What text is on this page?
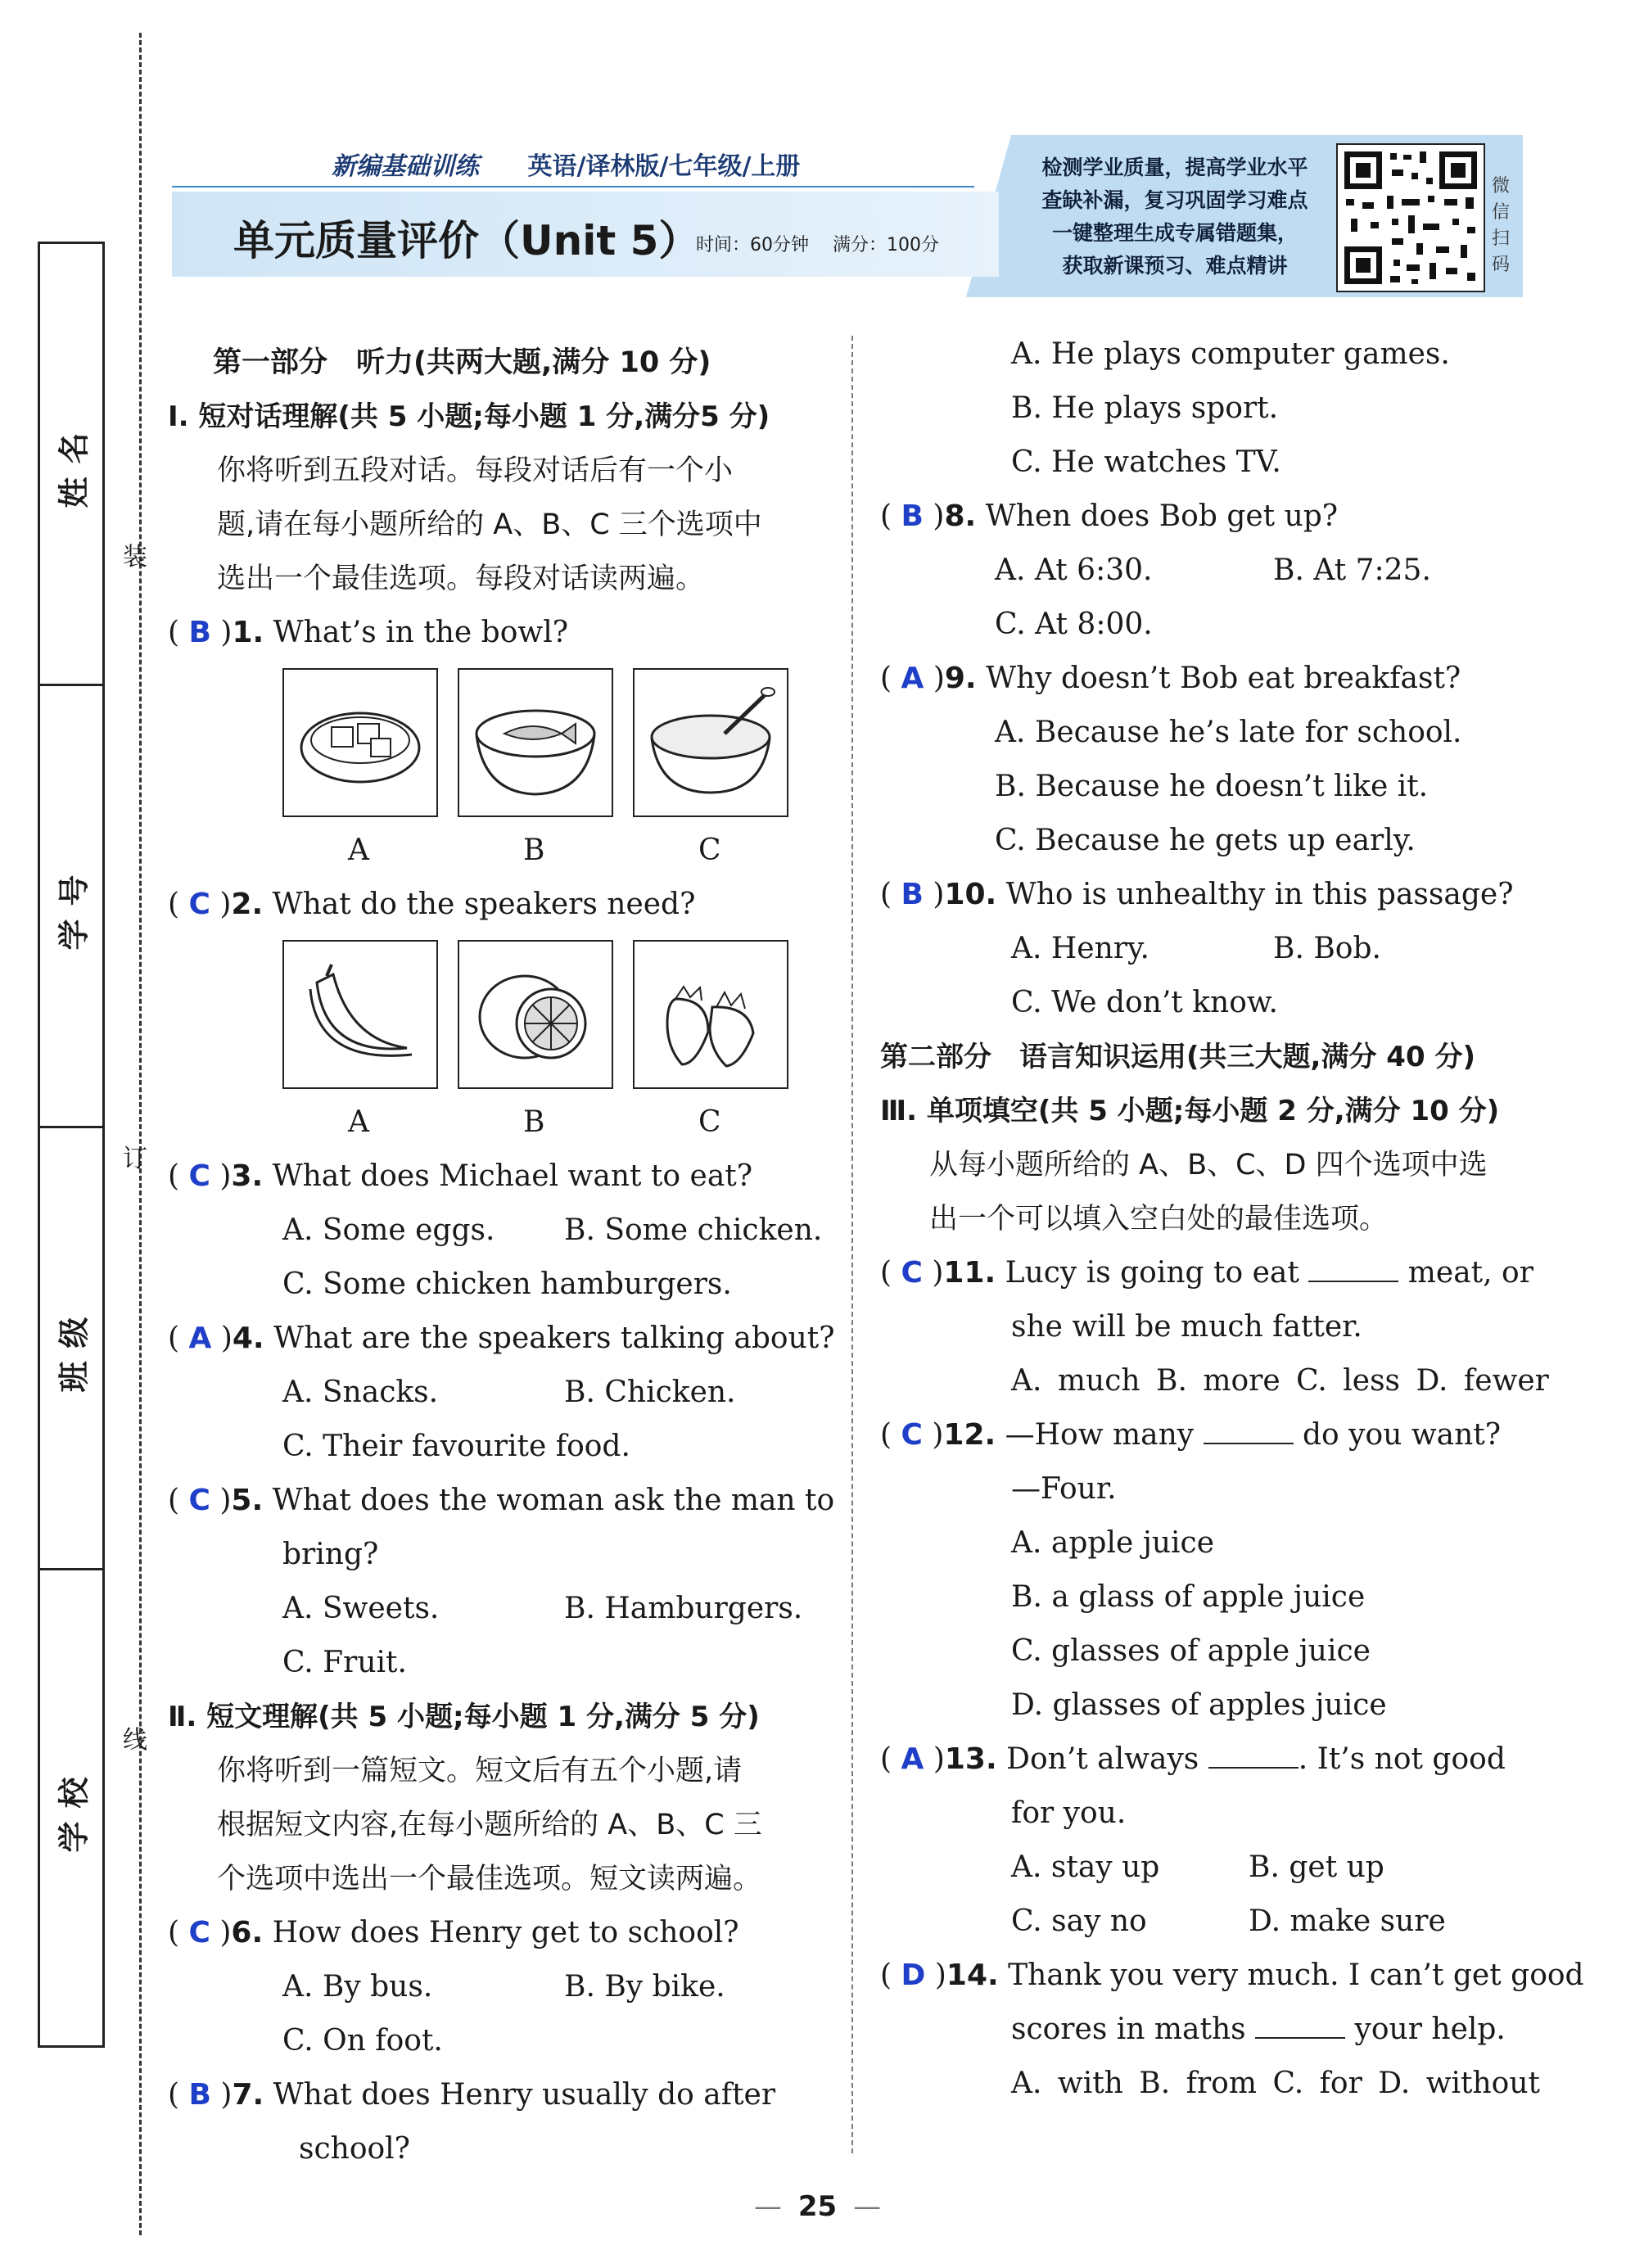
姓名
学号
班级
学校
装
订
线
新编基础训练 英语/译林版/七年级/上册
单元质量评价（Unit 5）
时间：60分钟 满分：100分
检测学业质量，提高学业水平
查缺补漏，复习巩固学习难点
一键整理生成专属错题集，
获取新课预习、难点精讲
微信扫码
第一部分　听力(共两大题,满分 10 分)
Ⅰ. 短对话理解(共 5 小题;每小题 1 分,满分5 分)
你将听到五段对话。每段对话后有一个小
题,请在每小题所给的 A、B、C 三个选项中
选出一个最佳选项。每段对话读两遍。
( B )1. What’s in the bowl?
A	B	C
( C )2. What do the speakers need?
A	B	C
( C )3. What does Michael want to eat?
A. Some eggs. B. Some chicken.
C. Some chicken hamburgers.
( A )4. What are the speakers talking about?
A. Snacks.	B. Chicken.
C. Their favourite food.
( C )5. What does the woman ask the man to
bring?
A. Sweets.	B. Hamburgers.
C. Fruit.
Ⅱ. 短文理解(共 5 小题;每小题 1 分,满分 5 分)
你将听到一篇短文。短文后有五个小题,请
根据短文内容,在每小题所给的 A、B、C 三
个选项中选出一个最佳选项。短文读两遍。
( C )6. How does Henry get to school?
A. By bus.	B. By bike.
C. On foot.
( B )7. What does Henry usually do after
school?
A. He plays computer games.
B. He plays sport.
C. He watches TV.
( B )8. When does Bob get up?
A. At 6:30.	B. At 7:25.
C. At 8:00.
( A )9. Why doesn’t Bob eat breakfast?
A. Because he’s late for school.
B. Because he doesn’t like it.
C. Because he gets up early.
( B )10. Who is unhealthy in this passage?
A. Henry.	B. Bob.
C. We don’t know.
第二部分　语言知识运用(共三大题,满分 40 分)
Ⅲ. 单项填空(共 5 小题;每小题 2 分,满分 10 分)
从每小题所给的 A、B、C、D 四个选项中选
出一个可以填入空白处的最佳选项。
( C )11. Lucy is going to eat	meat, or
she will be much fatter.
A. much B. more C. less D. fewer
( C )12. —How many	do you want?
—Four.
A. apple juice
B. a glass of apple juice
C. glasses of apple juice
D. glasses of apples juice
( A )13. Don’t always	. It’s not good
for you.
A. stay up	B. get up
C. say no	D. make sure
( D )14. Thank you very much. I can’t get good
scores in maths	your help.
A. with B. from C. for D. without
— 25 —
